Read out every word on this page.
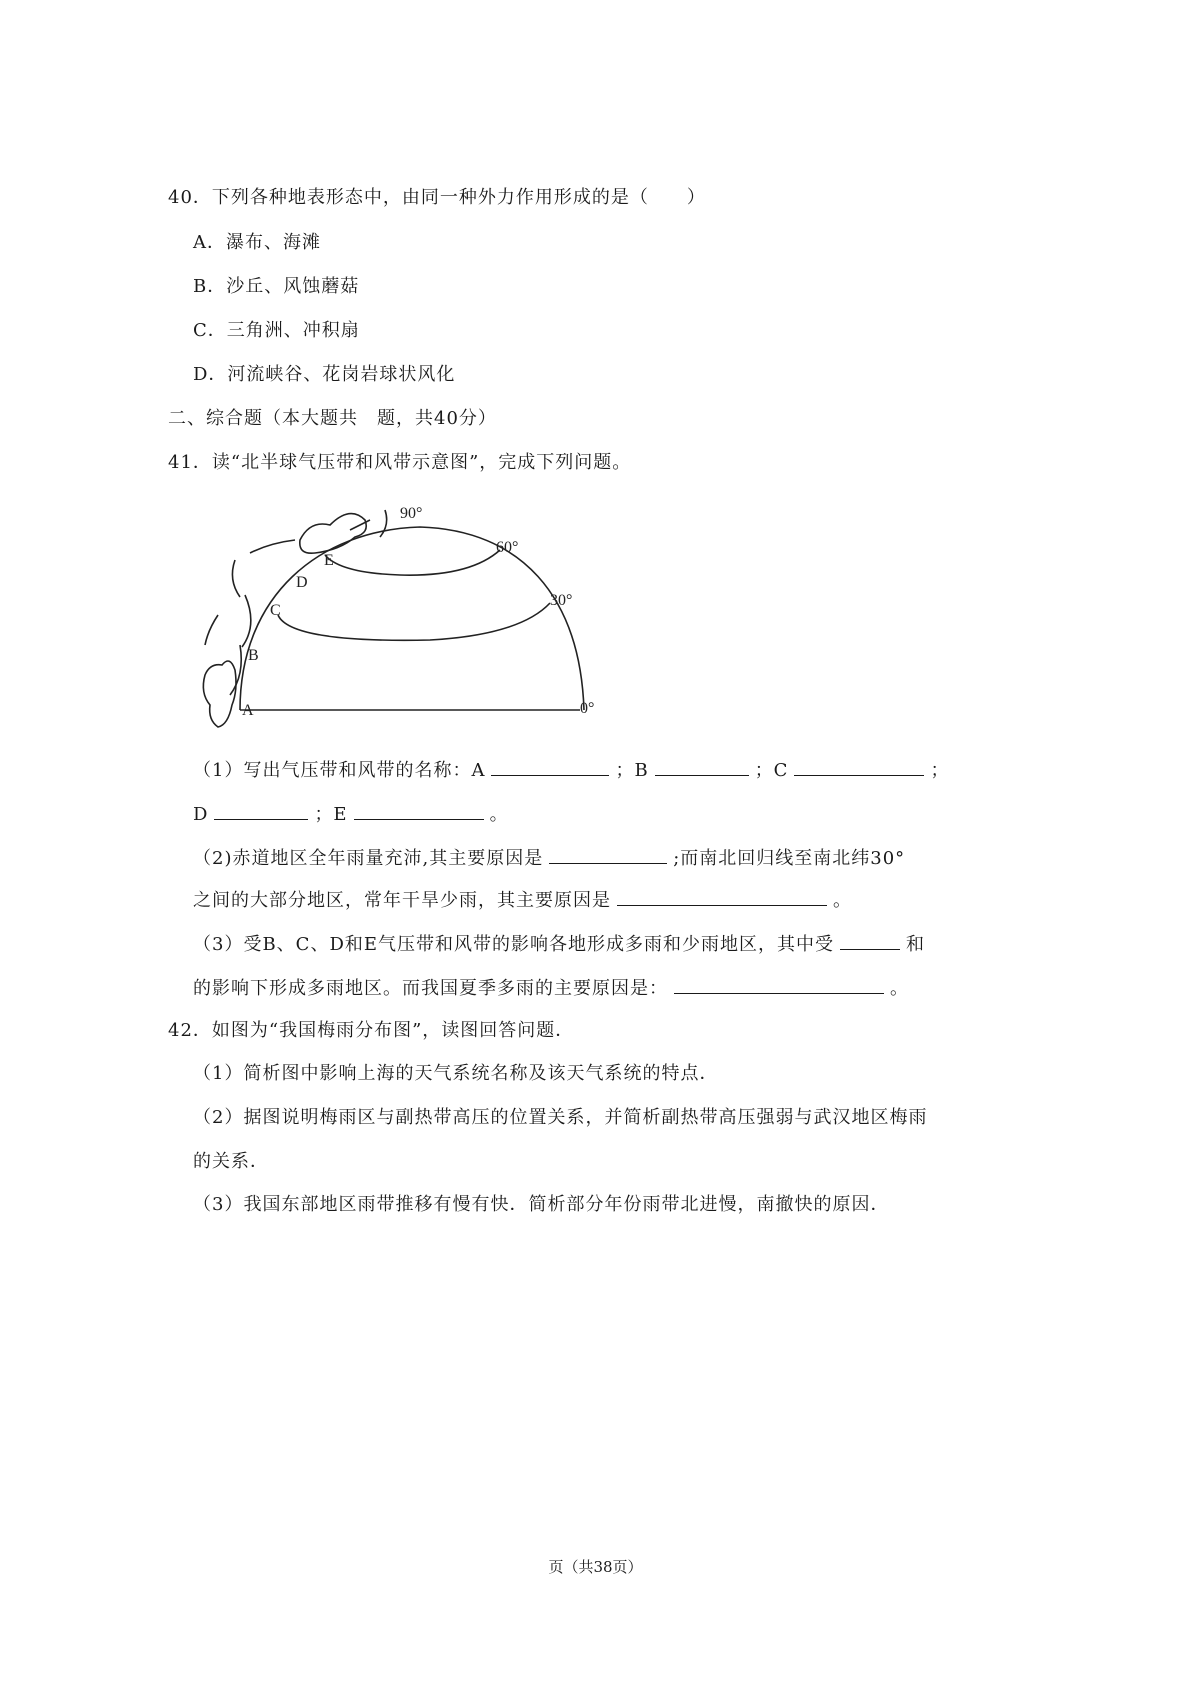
40．下列各种地表形态中，由同一种外力作用形成的是（　　）
A．瀑布、海滩
B．沙丘、风蚀蘑菇
C．三角洲、冲积扇
D．河流峡谷、花岗岩球状风化
二、综合题（本大题共　题，共40分）
41．读“北半球气压带和风带示意图”，完成下列问题。
90°
60°
30°
0°
A
B
C
D
E
（1）写出气压带和风带的名称：A	；B	；C	；
D	；E	。
（2)赤道地区全年雨量充沛,其主要原因是	;而南北回归线至南北纬30°
之间的大部分地区，常年干旱少雨，其主要原因是	。
（3）受B、C、D和E气压带和风带的影响各地形成多雨和少雨地区，其中受	和
的影响下形成多雨地区。而我国夏季多雨的主要原因是：	。
42．如图为“我国梅雨分布图”，读图回答问题．
（1）简析图中影响上海的天气系统名称及该天气系统的特点．
（2）据图说明梅雨区与副热带高压的位置关系，并简析副热带高压强弱与武汉地区梅雨
的关系．
（3）我国东部地区雨带推移有慢有快．简析部分年份雨带北进慢，南撤快的原因．
页（共38页）
